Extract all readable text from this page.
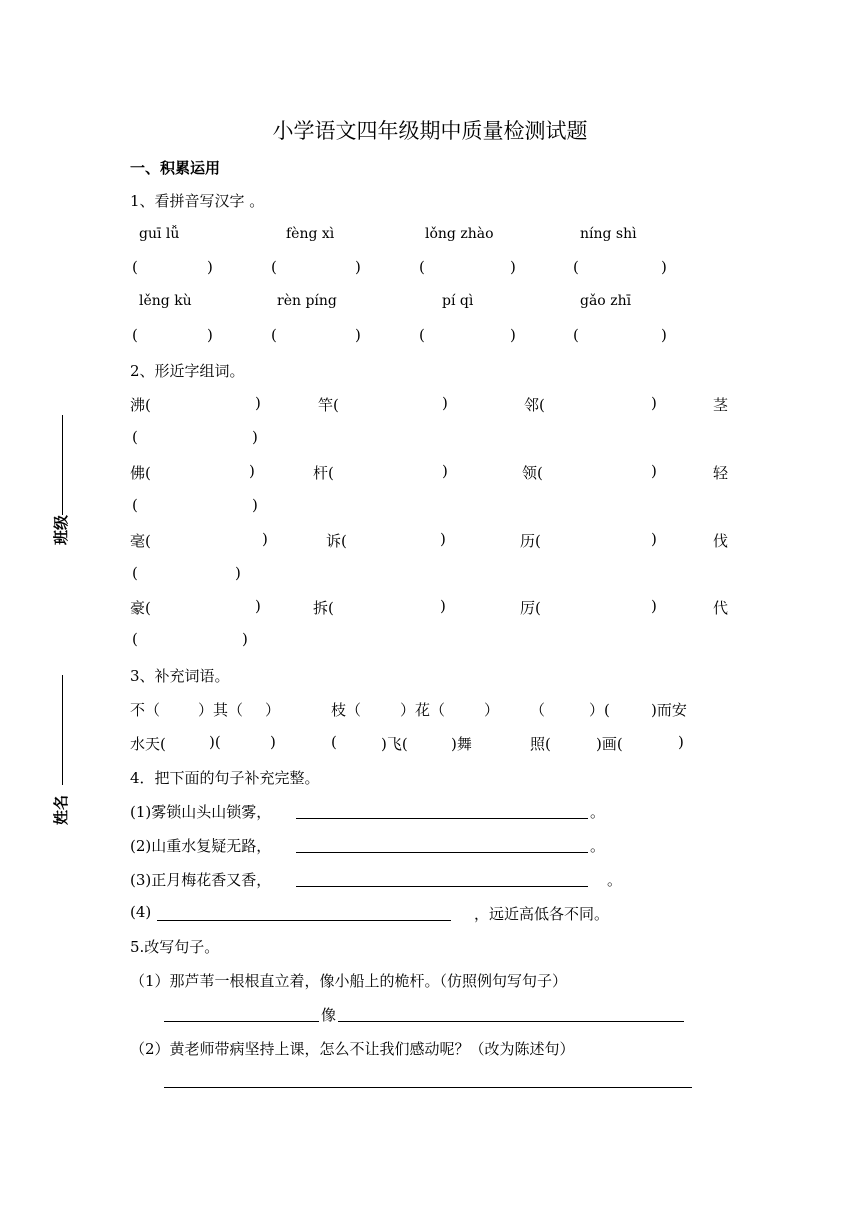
小学语文四年级期中质量检测试题
班级
姓名
一、积累运用
1、看拼音写汉字 。
guī lǚ	fèng xì	lǒng zhào	níng shì
(	)	(	)	(	)	(	)
lěng kù	rèn píng	pí qì	gǎo zhī
(	)	(	)	(	)	(	)
2、形近字组词。
沸(	)	竿(	)	邻(	)	茎
(	)
佛(	)	杆(	)	领(	)	轻
(	)
毫(	)	诉(	)	历(	)	伐
(	)
豪(	)	拆(	)	厉(	)	代
(	)
3、补充词语。
不（	）其（ ）	枝（	）花（	） （	）(	)而安
水天(	)(	)	(	)飞(	)舞	照(	)画(	)
4．把下面的句子补充完整。
(1)雾锁山头山锁雾，	。
(2)山重水复疑无路，	。
(3)正月梅花香又香，	。
(4)	，远近高低各不同。
5.改写句子。
（1）那芦苇一根根直立着，像小船上的桅杆。（仿照例句写句子）
像
（2）黄老师带病坚持上课，怎么不让我们感动呢？（改为陈述句）
